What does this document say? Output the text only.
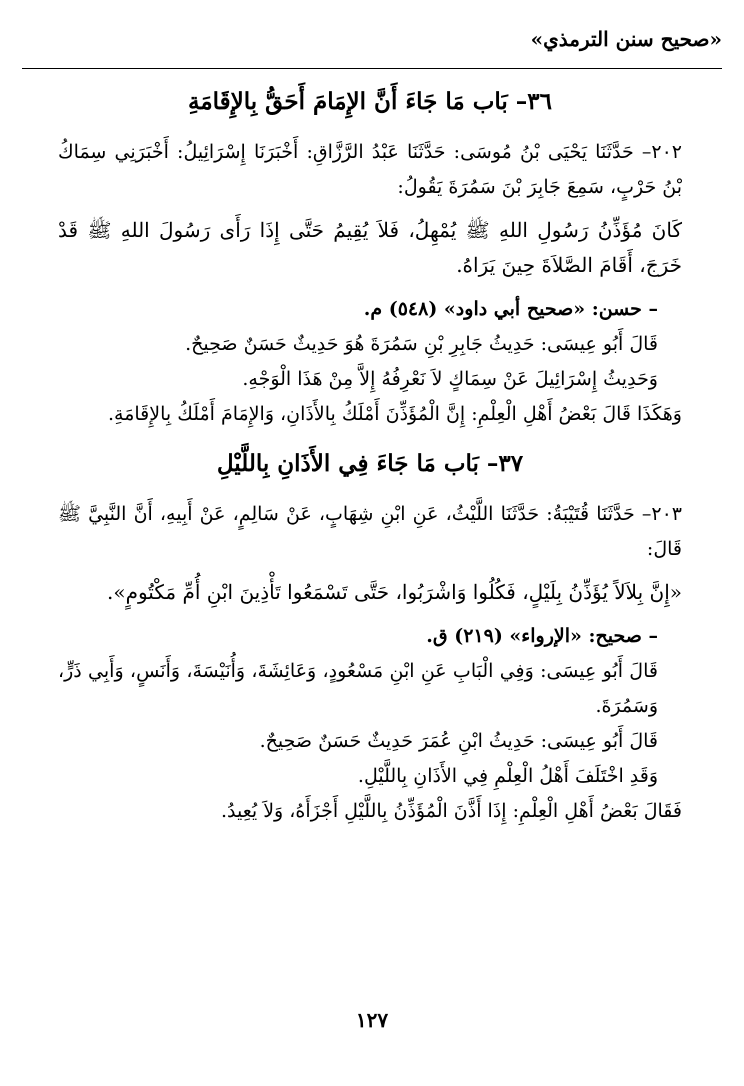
«صحيح سنن الترمذي»
٣٦– بَاب مَا جَاءَ أَنَّ الإِمَامَ أَحَقُّ بِالإِقَامَةِ

٢٠٢– حَدَّثَنَا يَحْيَى بْنُ مُوسَى: حَدَّثَنَا عَبْدُ الرَّزَّاقِ: أَخْبَرَنَا إِسْرَائِيلُ: أَخْبَرَنِي سِمَاكُ بْنُ حَرْبٍ، سَمِعَ جَابِرَ بْنَ سَمُرَةَ يَقُولُ:

كَانَ مُؤَذِّنُ رَسُولِ اللهِ ﷺ يُمْهِلُ، فَلاَ يُقِيمُ حَتَّى إِذَا رَأَى رَسُولَ اللهِ ﷺ قَدْ خَرَجَ، أَقَامَ الصَّلاَةَ حِينَ يَرَاهُ.

– حسن: «صحيح أبي داود» (٥٤٨) م.

قَالَ أَبُو عِيسَى: حَدِيثُ جَابِرِ بْنِ سَمُرَةَ هُوَ حَدِيثٌ حَسَنٌ صَحِيحٌ.

وَحَدِيثُ إِسْرَائِيلَ عَنْ سِمَاكٍ لاَ نَعْرِفُهُ إِلاَّ مِنْ هَذَا الْوَجْهِ.

وَهَكَذَا قَالَ بَعْضُ أَهْلِ الْعِلْمِ: إِنَّ الْمُؤَذِّنَ أَمْلَكُ بِالأَذَانِ، وَالإِمَامَ أَمْلَكُ بِالإِقَامَةِ.

٣٧– بَاب مَا جَاءَ فِي الأَذَانِ بِاللَّيْلِ

٢٠٣– حَدَّثَنَا قُتَيْبَةُ: حَدَّثَنَا اللَّيْثُ، عَنِ ابْنِ شِهَابٍ، عَنْ سَالِمٍ، عَنْ أَبِيهِ، أَنَّ النَّبِيَّ ﷺ قَالَ:

«إِنَّ بِلاَلاً يُؤَذِّنُ بِلَيْلٍ، فَكُلُوا وَاشْرَبُوا، حَتَّى تَسْمَعُوا تَأْذِينَ ابْنِ أُمِّ مَكْتُومٍ».

– صحيح: «الإرواء» (٢١٩) ق.

قَالَ أَبُو عِيسَى: وَفِي الْبَابِ عَنِ ابْنِ مَسْعُودٍ، وَعَائِشَةَ، وَأُنَيْسَةَ، وَأَنَسٍ، وَأَبِي ذَرٍّ، وَسَمُرَةَ.

قَالَ أَبُو عِيسَى: حَدِيثُ ابْنِ عُمَرَ حَدِيثٌ حَسَنٌ صَحِيحٌ.

وَقَدِ اخْتَلَفَ أَهْلُ الْعِلْمِ فِي الأَذَانِ بِاللَّيْلِ.

فَقَالَ بَعْضُ أَهْلِ الْعِلْمِ: إِذَا أَذَّنَ الْمُؤَذِّنُ بِاللَّيْلِ أَجْزَأَهُ، وَلاَ يُعِيدُ.

١٢٧
